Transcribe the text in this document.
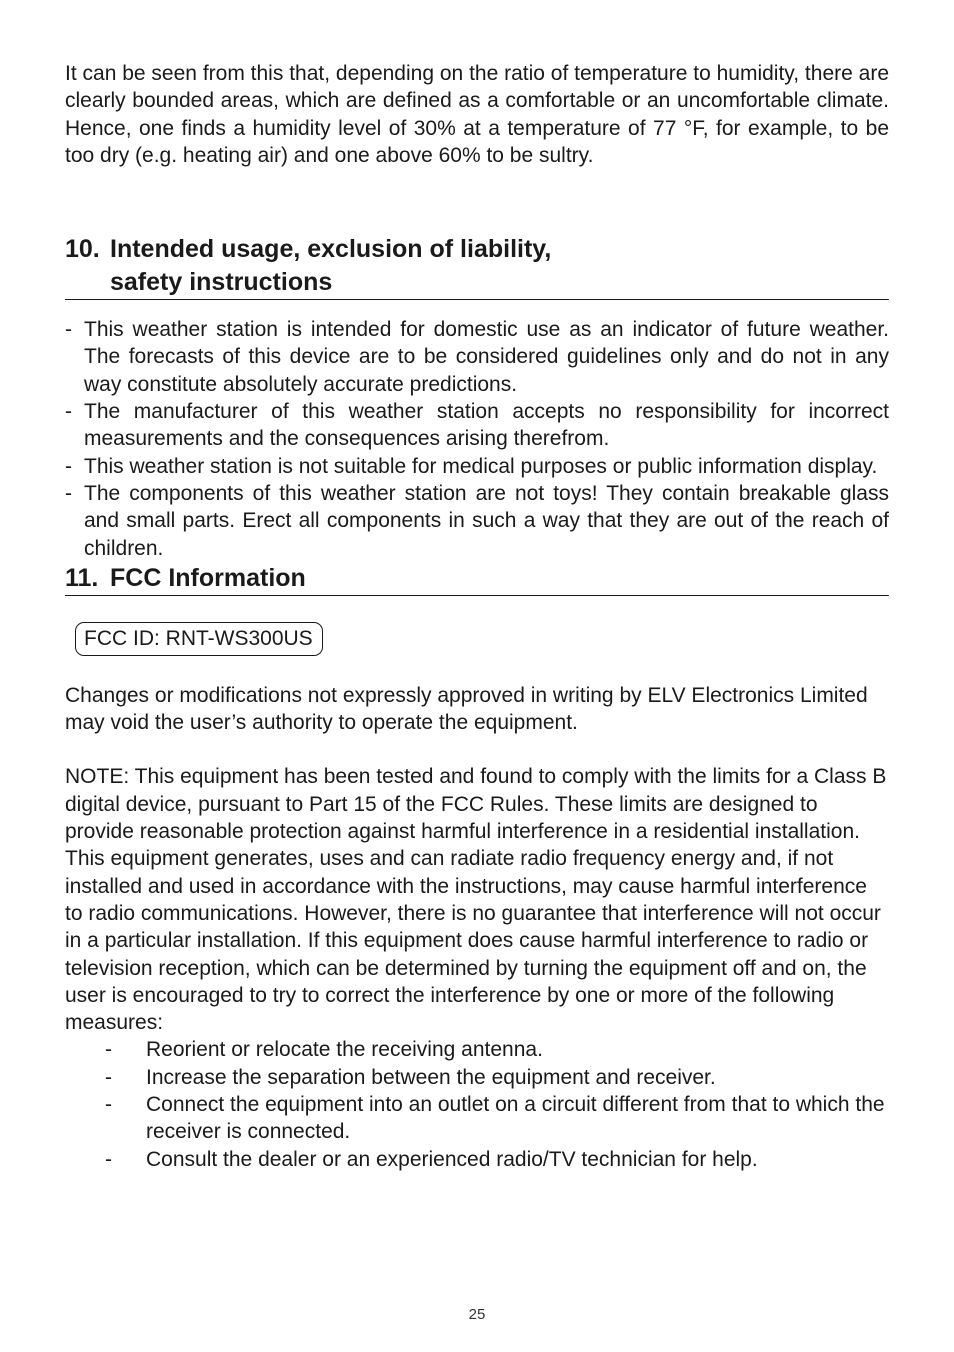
It can be seen from this that, depending on the ratio of temperature to humidity, there are clearly bounded areas, which are defined as a comfortable or an uncomfortable climate. Hence, one finds a humidity level of 30% at a temperature of 77 °F, for example, to be too dry (e.g. heating air) and one above 60% to be sultry.

10. Intended usage, exclusion of liability,
safety instructions
- This weather station is intended for domestic use as an indicator of future weather. The forecasts of this device are to be considered guidelines only and do not in any way constitute absolutely accurate predictions.
- The manufacturer of this weather station accepts no responsibility for incorrect measurements and the consequences arising therefrom.
- This weather station is not suitable for medical purposes or public information display.
- The components of this weather station are not toys! They contain breakable glass and small parts. Erect all components in such a way that they are out of the reach of children.
11. FCC Information
FCC ID: RNT-WS300US

Changes or modifications not expressly approved in writing by ELV Electronics Limited may void the user’s authority to operate the equipment.

NOTE: This equipment has been tested and found to comply with the limits for a Class B digital device, pursuant to Part 15 of the FCC Rules. These limits are designed to provide reasonable protection against harmful interference in a residential installation. This equipment generates, uses and can radiate radio frequency energy and, if not installed and used in accordance with the instructions, may cause harmful interference to radio communications. However, there is no guarantee that interference will not occur in a particular installation. If this equipment does cause harmful interference to radio or television reception, which can be determined by turning the equipment off and on, the user is encouraged to try to correct the interference by one or more of the following measures:

- Reorient or relocate the receiving antenna.
- Increase the separation between the equipment and receiver.
- Connect the equipment into an outlet on a circuit different from that to which the receiver is connected.
- Consult the dealer or an experienced radio/TV technician for help.
25
